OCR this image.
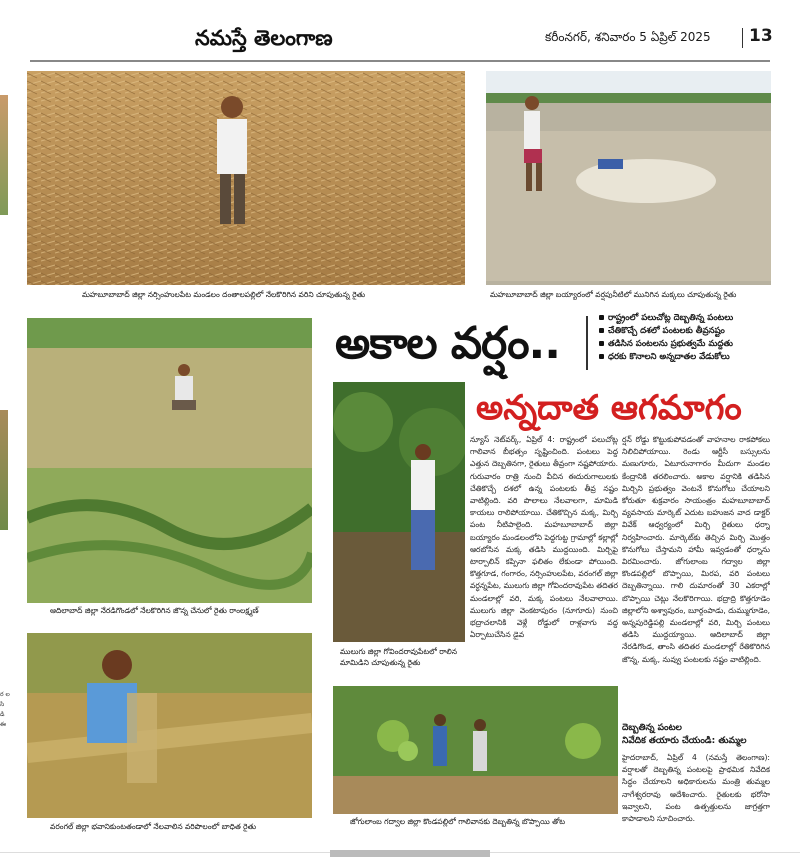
నమస్తే తెలంగాణ	కరీంనగర్, శనివారం 5 ఏప్రిల్ 2025 13
ర ల సి డి ఈ
మహబూబాబాద్ జిల్లా నర్సింహులపేట మండలం దంతాలపల్లిలో నేలకొరిగిన వరిని చూపుతున్న రైతు	మహబూబాబాద్ జిల్లా బయ్యారంలో వర్షపునీటిలో మునిగిన మక్కలు చూపుతున్న రైతు
ఆదిలాబాద్ జిల్లా నేరడిగొండలో నేలకొరిగిన జొన్న చేనులో రైతు రాంలక్ష్మణ్
అకాల వర్షం..	రాష్ట్రంలో పలుచోట్ల దెబ్బతిన్న పంటలు
చేతికొచ్చే దశలో పంటలకు తీవ్రనష్టం
తడిసిన పంటలను ప్రభుత్వమే మద్దతు
ధరకు కొనాలని అన్నదాతల వేడుకోలు
అన్నదాత ఆగమాగం
ములుగు జిల్లా గోవిందరావుపేటలో రాలిన మామిడిని చూపుతున్న రైతు
న్యూస్ నెట్‌వర్క్, ఏప్రిల్ 4: రాష్ట్రంలో పలుచోట్ల గాలివాన బీభత్సం సృష్టించింది. పంటలు పెద్ద ఎత్తున దెబ్బతినగా, రైతులు తీవ్రంగా నష్టపోయారు. గురువారం రాత్రి నుంచి వీచిన ఈదురుగాలులకు చేతికొచ్చే దశలో ఉన్న పంటలకు తీవ్ర నష్టం వాటిల్లింది. వరి పొలాలు నేలవాలగా, మామిడి కాయలు రాలిపోయాయి. చేతికొచ్చిన మక్క, మిర్చి పంట నీటిపాలైంది. మహబూబాబాద్ జిల్లా బయ్యారం మండలంలోని పెద్దగుట్ట గ్రామాల్లో కల్లాల్లో ఆరబోసిన మక్క తడిసి ముద్దయింది. మిర్చిపై టార్పాలిన్ కప్పినా ఫలితం లేకుండా పోయింది. కొత్తగూడ, గంగారం, నర్సింహులపేట, వరంగల్ జిల్లా వర్ధన్నపేట, ములుగు జిల్లా గోవిందరావుపేట తదితర మండలాల్లో వరి, మక్క పంటలు నేలవాలాయి. ములుగు జిల్లా వెంకటాపురం (నూగూరు) నుంచి భద్రాచలానికి వెళ్లే రోడ్డులో రాళ్లవాగు వద్ద ఏర్పాటుచేసిన డైవ
ర్షన్ రోడ్డు కొట్టుకుపోవడంతో వాహనాల రాకపోకలు నిలిచిపోయాయి. రెండు ఆర్టీసీ బస్సులను మణుగూరు, ఏటూరునాగారం మీదుగా మండల కేంద్రానికి తరలించారు. అకాల వర్షానికి తడిసిన మిర్చిని ప్రభుత్వం వెంటనే కొనుగోలు చేయాలని కోరుతూ శుక్రవారం సాయంత్రం మహబూబాబాద్ వ్యవసాయ మార్కెట్ ఎదుట బహుజన వాద డాక్టర్ వివేక్ ఆధ్వర్యంలో మిర్చి రైతులు ధర్నా నిర్వహించారు. మార్కెట్‌కు తెచ్చిన మిర్చి మొత్తం కొనుగోలు చేస్తామని హామీ ఇవ్వడంతో ధర్నాను విరమించారు. జోగులాంబ గద్వాల జిల్లా కొండపల్లిలో బొప్పాయి, మిరప, వరి పంటలు దెబ్బతిన్నాయి. గాలి దుమారంతో 30 ఎకరాల్లో బొప్పాయి చెట్లు నేలకొరిగాయి. భద్రాద్రి కొత్తగూడెం జిల్లాలోని అశ్వాపురం, బూర్గంపాడు, దుమ్ముగూడెం, అన్నపురెడ్డిపల్లి మండలాల్లో వరి, మిర్చి పంటలు తడిసి ముద్దయ్యాయి. ఆదిలాబాద్ జిల్లా నేరడిగొండ, తాంసి తదితర మండలాల్లో రేతికొరిగిన జొన్న, మక్క, నువ్వు పంటలకు నష్టం వాటిల్లింది.
దెబ్బతిన్న పంటల
నివేదిక తయారు చేయండి: తుమ్మల
హైదరాబాద్, ఏప్రిల్ 4 (నమస్తే తెలంగాణ): వర్షాలతో దెబ్బతిన్న పంటలపై ప్రాథమిక నివేదిక సిద్ధం చేయాలని అధికారులను మంత్రి తుమ్మల నాగేశ్వరరావు ఆదేశించారు. రైతులకు భరోసా ఇవ్వాలని, పంట ఉత్పత్తులను జాగ్రత్తగా కాపాడాలని సూచించారు.
వరంగల్ జిల్లా భవానికుంటతండాలో నేలవాలిన వరిపొలంలో బాధిత రైతు
జోగులాంబ గద్వాల జిల్లా కొండపల్లిలో గాలివానకు దెబ్బతిన్న బొప్పాయి తోట
